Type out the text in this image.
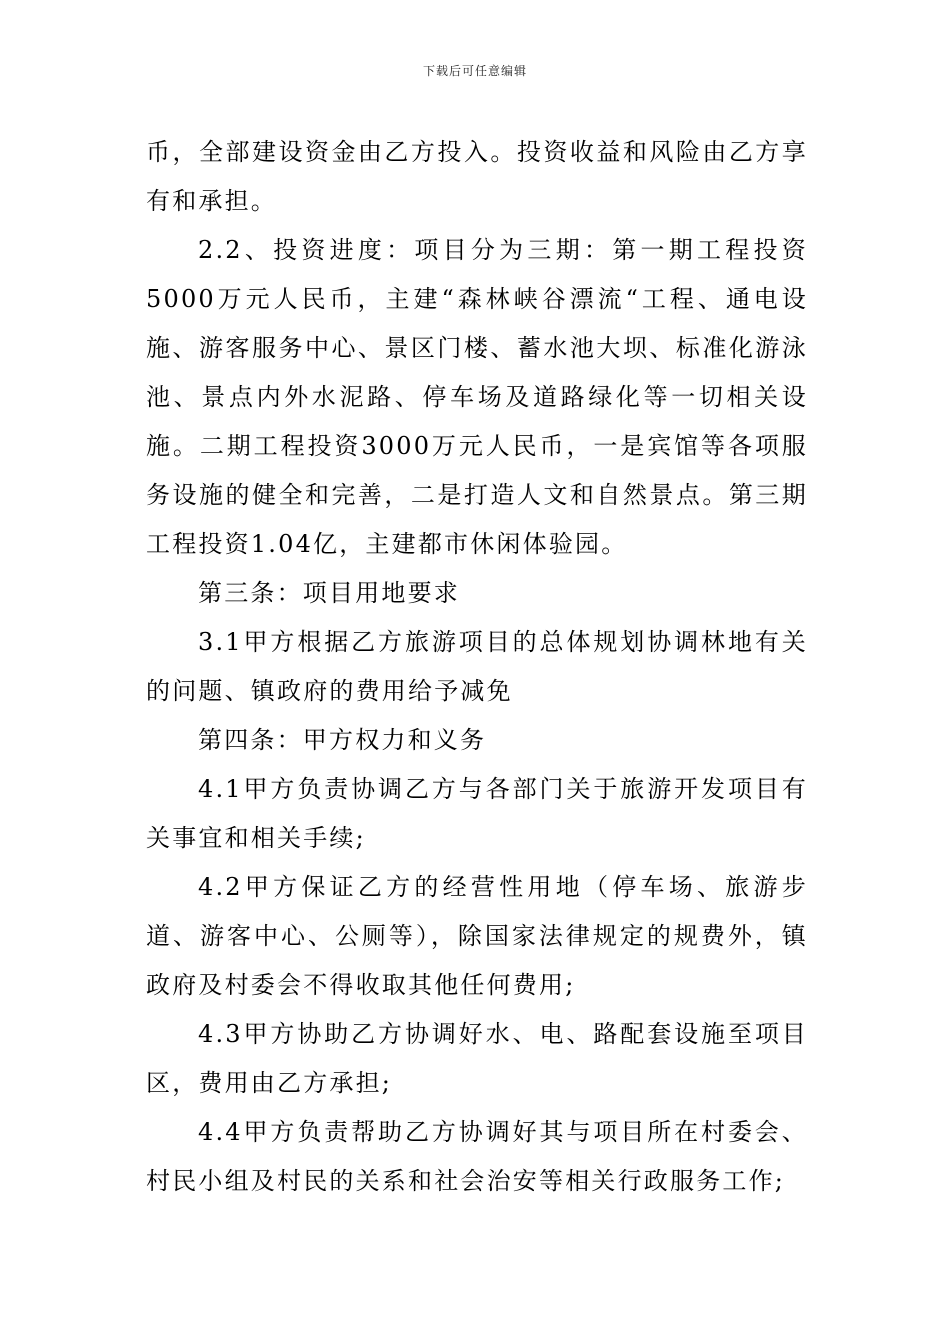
下载后可任意编辑

币，全部建设资金由乙方投入。投资收益和风险由乙方享有和承担。

2.2、投资进度：项目分为三期：第一期工程投资5000万元人民币，主建“森林峡谷漂流“工程、通电设施、游客服务中心、景区门楼、蓄水池大坝、标准化游泳池、景点内外水泥路、停车场及道路绿化等一切相关设施。二期工程投资3000万元人民币，一是宾馆等各项服务设施的健全和完善，二是打造人文和自然景点。第三期工程投资1.04亿，主建都市休闲体验园。

第三条：项目用地要求

3.1甲方根据乙方旅游项目的总体规划协调林地有关的问题、镇政府的费用给予减免

第四条：甲方权力和义务

4.1甲方负责协调乙方与各部门关于旅游开发项目有关事宜和相关手续;

4.2甲方保证乙方的经营性用地（停车场、旅游步道、游客中心、公厕等），除国家法律规定的规费外，镇政府及村委会不得收取其他任何费用;

4.3甲方协助乙方协调好水、电、路配套设施至项目区，费用由乙方承担;

4.4甲方负责帮助乙方协调好其与项目所在村委会、村民小组及村民的关系和社会治安等相关行政服务工作;
